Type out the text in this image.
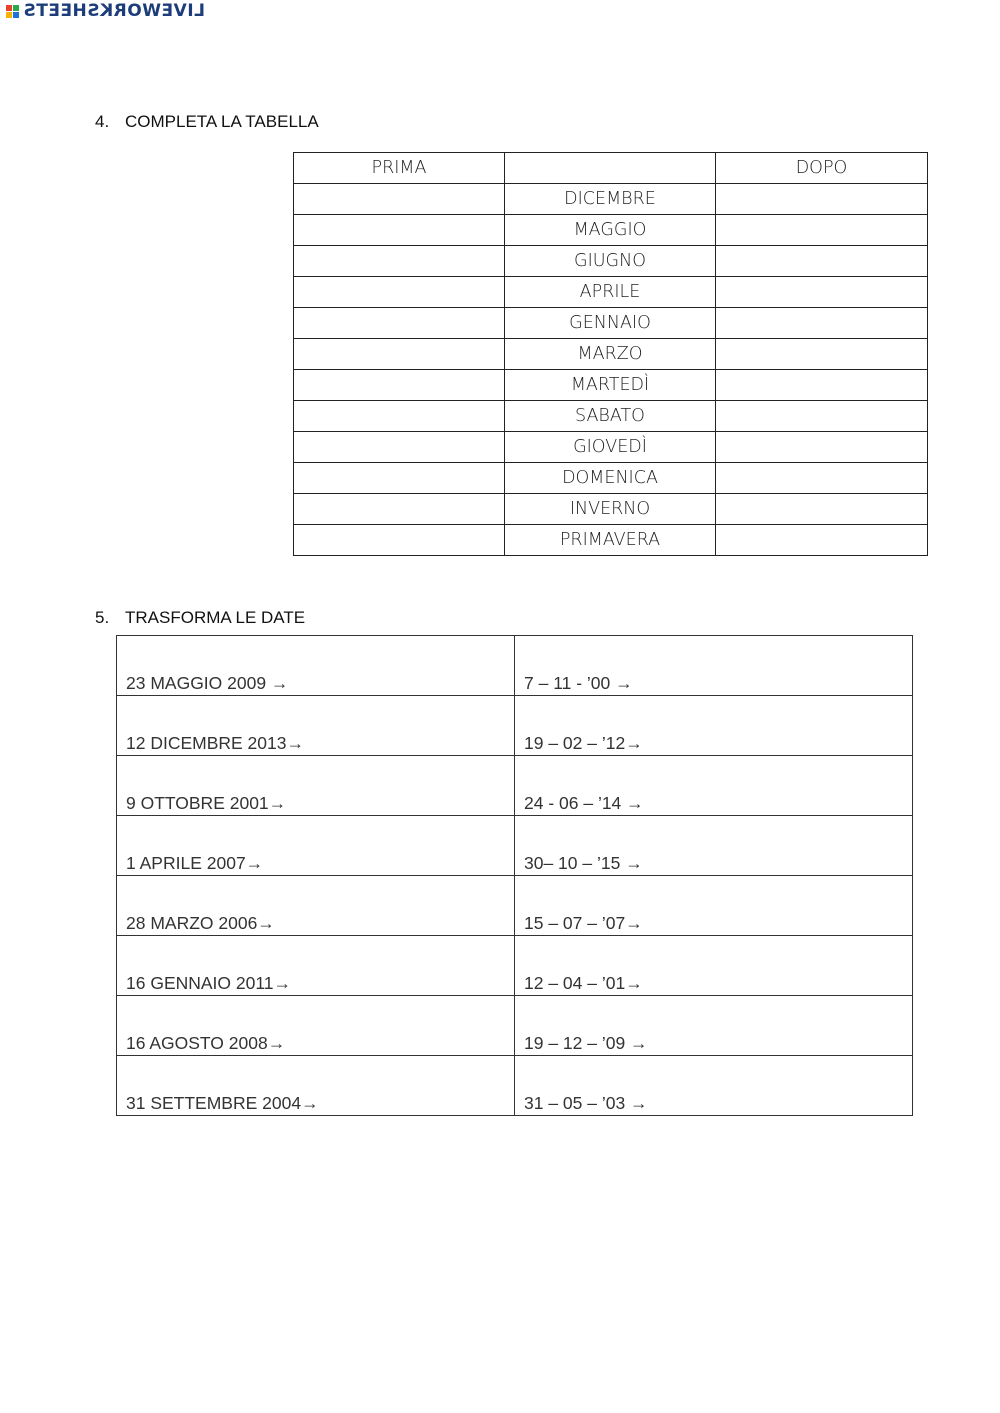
LIVEWORKSHEETS
4. COMPLETA LA TABELLA
PRIMA		DOPO
	DICEMBRE	
	MAGGIO	
	GIUGNO	
	APRILE	
	GENNAIO	
	MARZO	
	MARTEDÌ	
	SABATO	
	GIOVEDÌ	
	DOMENICA	
	INVERNO	
	PRIMAVERA	
5. TRASFORMA LE DATE
23 MAGGIO 2009 →	7 – 11 - ’00 →
12 DICEMBRE 2013→	19 – 02 – ’12→
9 OTTOBRE 2001→	24 - 06 – ’14 →
1 APRILE 2007→	30– 10 – ’15 →
28 MARZO 2006→	15 – 07 – ’07→
16 GENNAIO 2011→	12 – 04 – ’01→
16 AGOSTO 2008→	19 – 12 – ’09 →
31 SETTEMBRE 2004→	31 – 05 – ’03 →
